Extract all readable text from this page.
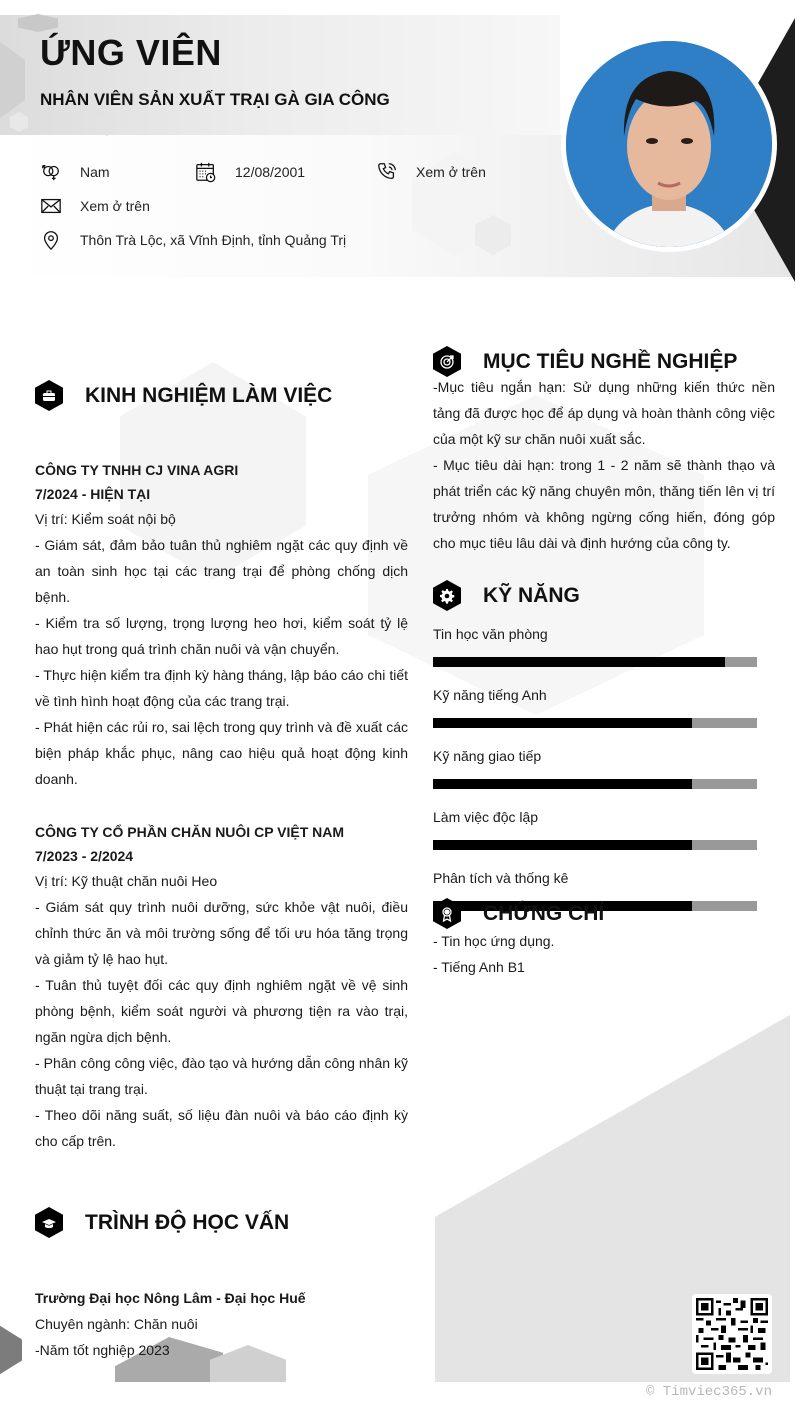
ỨNG VIÊN
NHÂN VIÊN SẢN XUẤT TRẠI GÀ GIA CÔNG
Nam	12/08/2001	Xem ở trên
Xem ở trên
Thôn Trà Lộc, xã Vĩnh Định, tỉnh Quảng Trị
KINH NGHIỆM LÀM VIỆC

CÔNG TY TNHH CJ VINA AGRI

7/2024 - HIỆN TẠI

Vị trí: Kiểm soát nội bộ

- Giám sát, đảm bảo tuân thủ nghiêm ngặt các quy định về an toàn sinh học tại các trang trại để phòng chống dịch bệnh.

- Kiểm tra số lượng, trọng lượng heo hơi, kiểm soát tỷ lệ hao hụt trong quá trình chăn nuôi và vận chuyển.

- Thực hiện kiểm tra định kỳ hàng tháng, lập báo cáo chi tiết về tình hình hoạt động của các trang trại.

- Phát hiện các rủi ro, sai lệch trong quy trình và đề xuất các biện pháp khắc phục, nâng cao hiệu quả hoạt động kinh doanh.

CÔNG TY CỔ PHẦN CHĂN NUÔI CP VIỆT NAM

7/2023 - 2/2024

Vị trí: Kỹ thuật chăn nuôi Heo

- Giám sát quy trình nuôi dưỡng, sức khỏe vật nuôi, điều chỉnh thức ăn và môi trường sống để tối ưu hóa tăng trọng và giảm tỷ lệ hao hụt.

- Tuân thủ tuyệt đối các quy định nghiêm ngặt về vệ sinh phòng bệnh, kiểm soát người và phương tiện ra vào trại, ngăn ngừa dịch bệnh.

- Phân công công việc, đào tạo và hướng dẫn công nhân kỹ thuật tại trang trại.

- Theo dõi năng suất, số liệu đàn nuôi và báo cáo định kỳ cho cấp trên.

TRÌNH ĐỘ HỌC VẤN

Trường Đại học Nông Lâm - Đại học Huế

Chuyên ngành: Chăn nuôi

-Năm tốt nghiệp 2023

MỤC TIÊU NGHỀ NGHIỆP

-Mục tiêu ngắn hạn: Sử dụng những kiến thức nền tảng đã được học để áp dụng và hoàn thành công việc của một kỹ sư chăn nuôi xuất sắc.

- Mục tiêu dài hạn: trong 1 - 2 năm sẽ thành thạo và phát triển các kỹ năng chuyên môn, thăng tiến lên vị trí trưởng nhóm và không ngừng cống hiến, đóng góp cho mục tiêu lâu dài và định hướng của công ty.

KỸ NĂNG
Tin học văn phòng
Kỹ năng tiếng Anh
Kỹ năng giao tiếp
Làm việc độc lập
Phân tích và thống kê
CHỨNG CHỈ

- Tin học ứng dụng.

- Tiếng Anh B1

© Timviec365.vn
